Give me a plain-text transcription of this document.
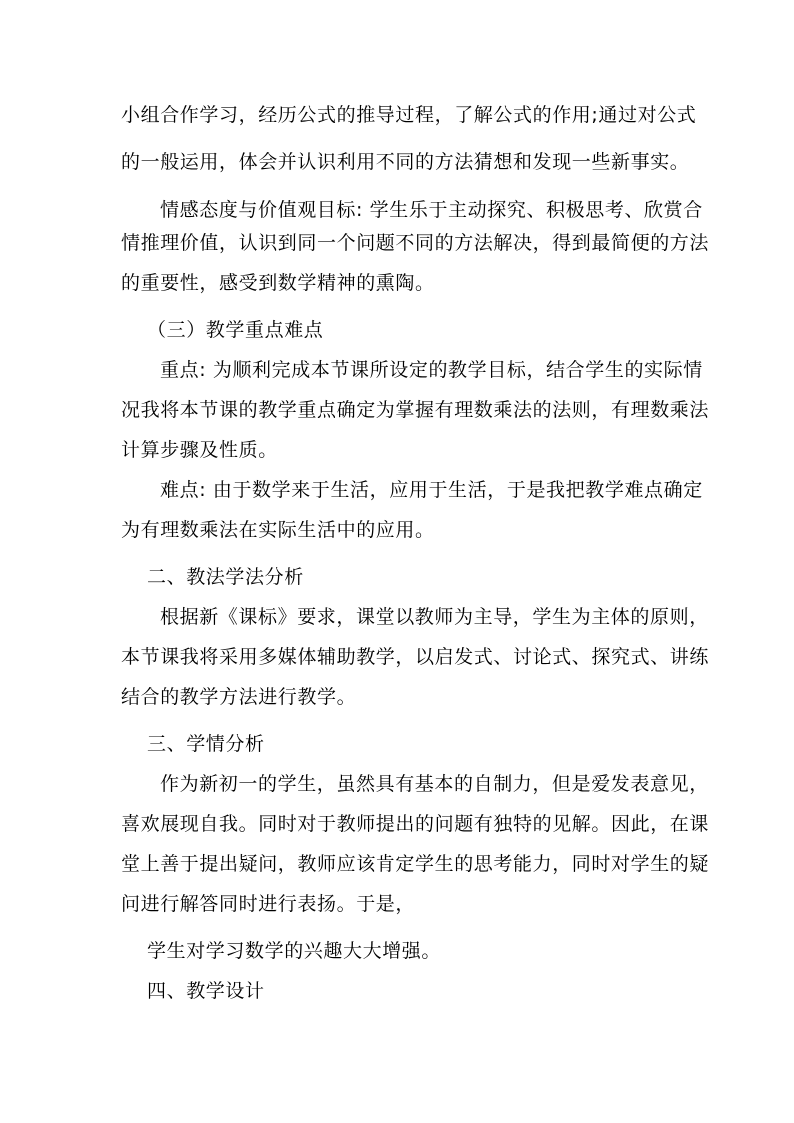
小组合作学习，经历公式的推导过程，了解公式的作用;通过对公式
的一般运用，体会并认识利用不同的方法猜想和发现一些新事实。
情感态度与价值观目标: 学生乐于主动探究、积极思考、欣赏合
情推理价值，认识到同一个问题不同的方法解决，得到最简便的方法
的重要性，感受到数学精神的熏陶。
（三）教学重点难点
重点: 为顺利完成本节课所设定的教学目标，结合学生的实际情
况我将本节课的教学重点确定为掌握有理数乘法的法则，有理数乘法
计算步骤及性质。
难点: 由于数学来于生活，应用于生活，于是我把教学难点确定
为有理数乘法在实际生活中的应用。
二、教法学法分析
根据新《课标》要求，课堂以教师为主导，学生为主体的原则，
本节课我将采用多媒体辅助教学，以启发式、讨论式、探究式、讲练
结合的教学方法进行教学。
三、学情分析
作为新初一的学生，虽然具有基本的自制力，但是爱发表意见，
喜欢展现自我。同时对于教师提出的问题有独特的见解。因此，在课
堂上善于提出疑问，教师应该肯定学生的思考能力，同时对学生的疑
问进行解答同时进行表扬。于是，
学生对学习数学的兴趣大大增强。
四、教学设计
